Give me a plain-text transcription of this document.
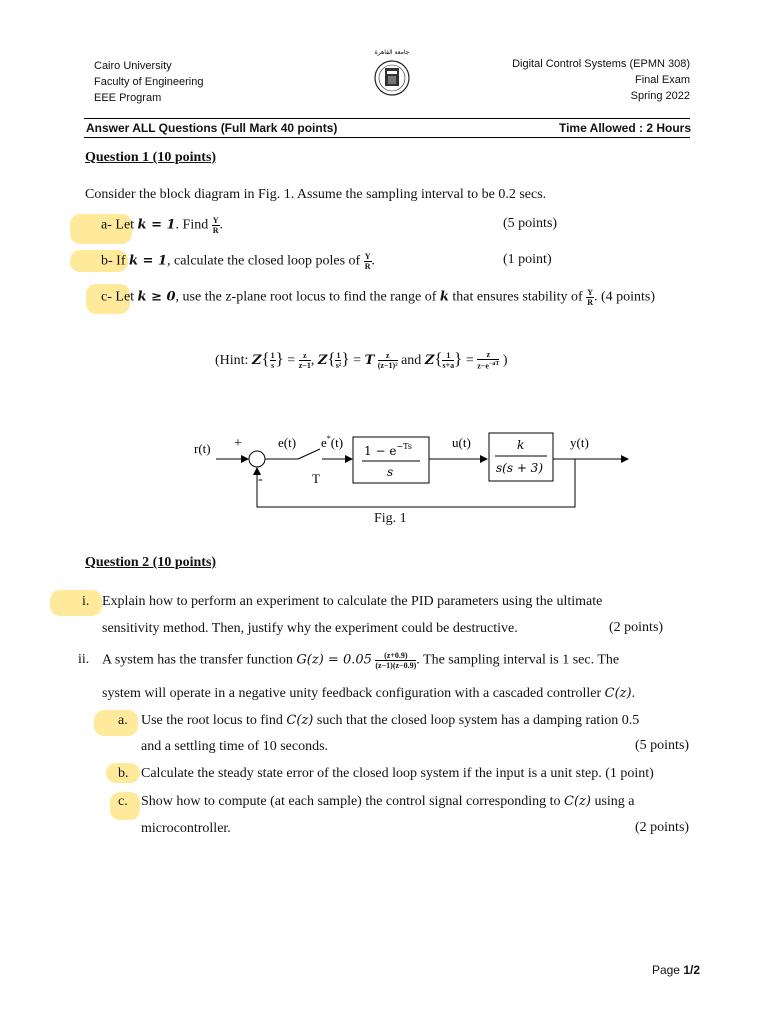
Cairo University
Faculty of Engineering
EEE Program
جامعة القاهرة
Digital Control Systems (EPMN 308)
Final Exam
Spring 2022
Answer ALL Questions (Full Mark 40 points)	Time Allowed : 2 Hours
Question 1 (10 points)
Consider the block diagram in Fig. 1. Assume the sampling interval to be 0.2 secs.
a- Let k = 1. Find $\frac{Y}{R}$ .	(5 points)
b- If k = 1, calculate the closed loop poles of $\frac{Y}{R}$ .	(1 point)
c- Let k ≥ 0, use the z-plane root locus to find the range of k that ensures stability of $\frac{Y}{R}$ . (4 points)
(Hint: $Z\{ \frac{1}{s}$ } = $\frac{z}{z-1}$ , $Z\{ \frac{1}{\text{s²}}$ } = T $\frac{z}{\text{(z−1)²}}$ and $Z\{ \frac{1}{s+a}$ } = $\frac{z}{z-e^{-aT}}$ )
r(t) +
-
e(t) e*(t)
T
$1 - e^{-Ts}$
s
u(t)	k
s(s + 3)
y(t)
Fig. 1
Question 2 (10 points)
i. Explain how to perform an experiment to calculate the PID parameters using the ultimate
sensitivity method. Then, justify why the experiment could be destructive.	(2 points)
ii. A system has the transfer function $G(z) = 0.05 \frac{(z+0.9)}{(z-1)(z-0.9)}$ . The sampling interval is 1 sec. The
system will operate in a negative unity feedback configuration with a cascaded controller C(z).
a. Use the root locus to find C(z) such that the closed loop system has a damping ration 0.5
and a settling time of 10 seconds.	(5 points)
b. Calculate the steady state error of the closed loop system if the input is a unit step. (1 point)
c. Show how to compute (at each sample) the control signal corresponding to C(z) using a
microcontroller.	(2 points)
Page 1/2
